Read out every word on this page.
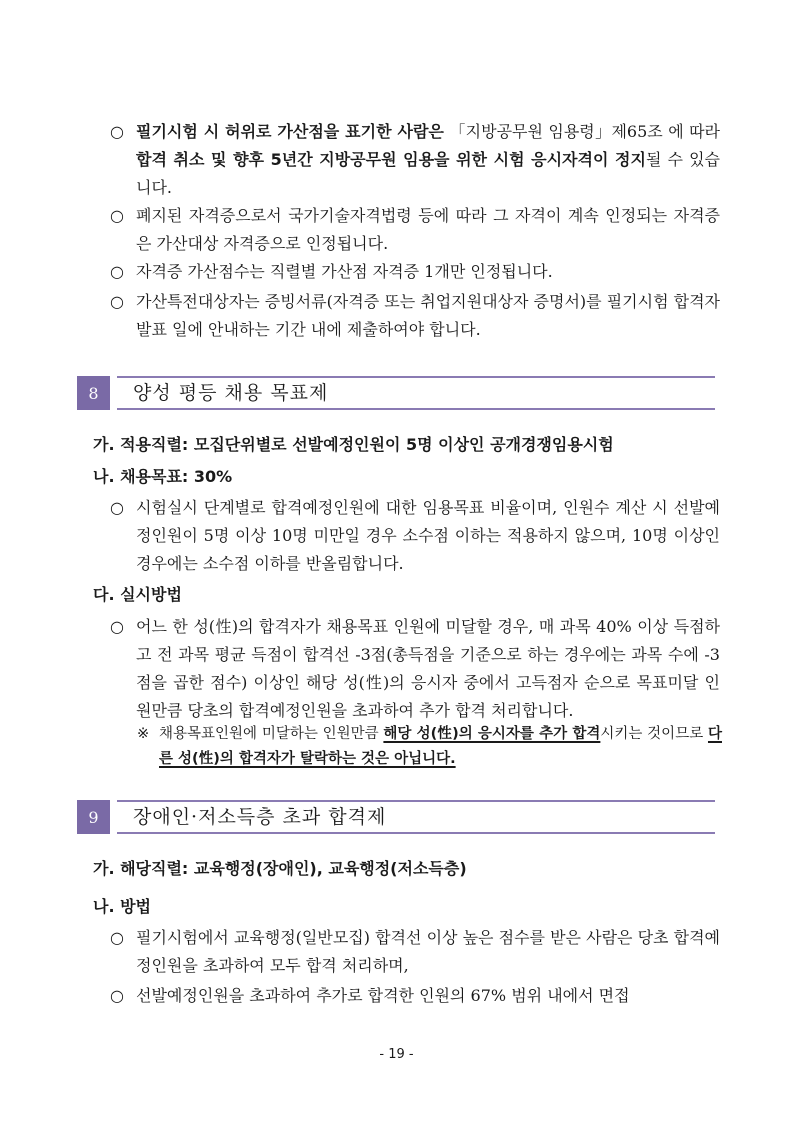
○ 필기시험 시 허위로 가산점을 표기한 사람은 「지방공무원 임용령」제65조 에 따라 합격 취소 및 향후 5년간 지방공무원 임용을 위한 시험 응시자격이 정지될 수 있습니다.
○ 폐지된 자격증으로서 국가기술자격법령 등에 따라 그 자격이 계속 인정되는 자격증은 가산대상 자격증으로 인정됩니다.
○ 자격증 가산점수는 직렬별 가산점 자격증 1개만 인정됩니다.
○ 가산특전대상자는 증빙서류(자격증 또는 취업지원대상자 증명서)를 필기시험 합격자 발표 일에 안내하는 기간 내에 제출하여야 합니다.
8	양성 평등 채용 목표제
가. 적용직렬: 모집단위별로 선발예정인원이 5명 이상인 공개경쟁임용시험
나. 채용목표: 30%
○ 시험실시 단계별로 합격예정인원에 대한 임용목표 비율이며, 인원수 계산 시 선발예정인원이 5명 이상 10명 미만일 경우 소수점 이하는 적용하지 않으며, 10명 이상인 경우에는 소수점 이하를 반올림합니다.
다. 실시방법
○ 어느 한 성(性)의 합격자가 채용목표 인원에 미달할 경우, 매 과목 40% 이상 득점하고 전 과목 평균 득점이 합격선 -3점(총득점을 기준으로 하는 경우에는 과목 수에 -3점을 곱한 점수) 이상인 해당 성(性)의 응시자 중에서 고득점자 순으로 목표미달 인원만큼 당초의 합격예정인원을 초과하여 추가 합격 처리합니다.
※ 채용목표인원에 미달하는 인원만큼 해당 성(性)의 응시자를 추가 합격시키는 것이므로 다른 성(性)의 합격자가 탈락하는 것은 아닙니다.
9	장애인·저소득층 초과 합격제
가. 해당직렬: 교육행정(장애인), 교육행정(저소득층)
나. 방법
○ 필기시험에서 교육행정(일반모집) 합격선 이상 높은 점수를 받은 사람은 당초 합격예정인원을 초과하여 모두 합격 처리하며,
○ 선발예정인원을 초과하여 추가로 합격한 인원의 67% 범위 내에서 면접
- 19 -
